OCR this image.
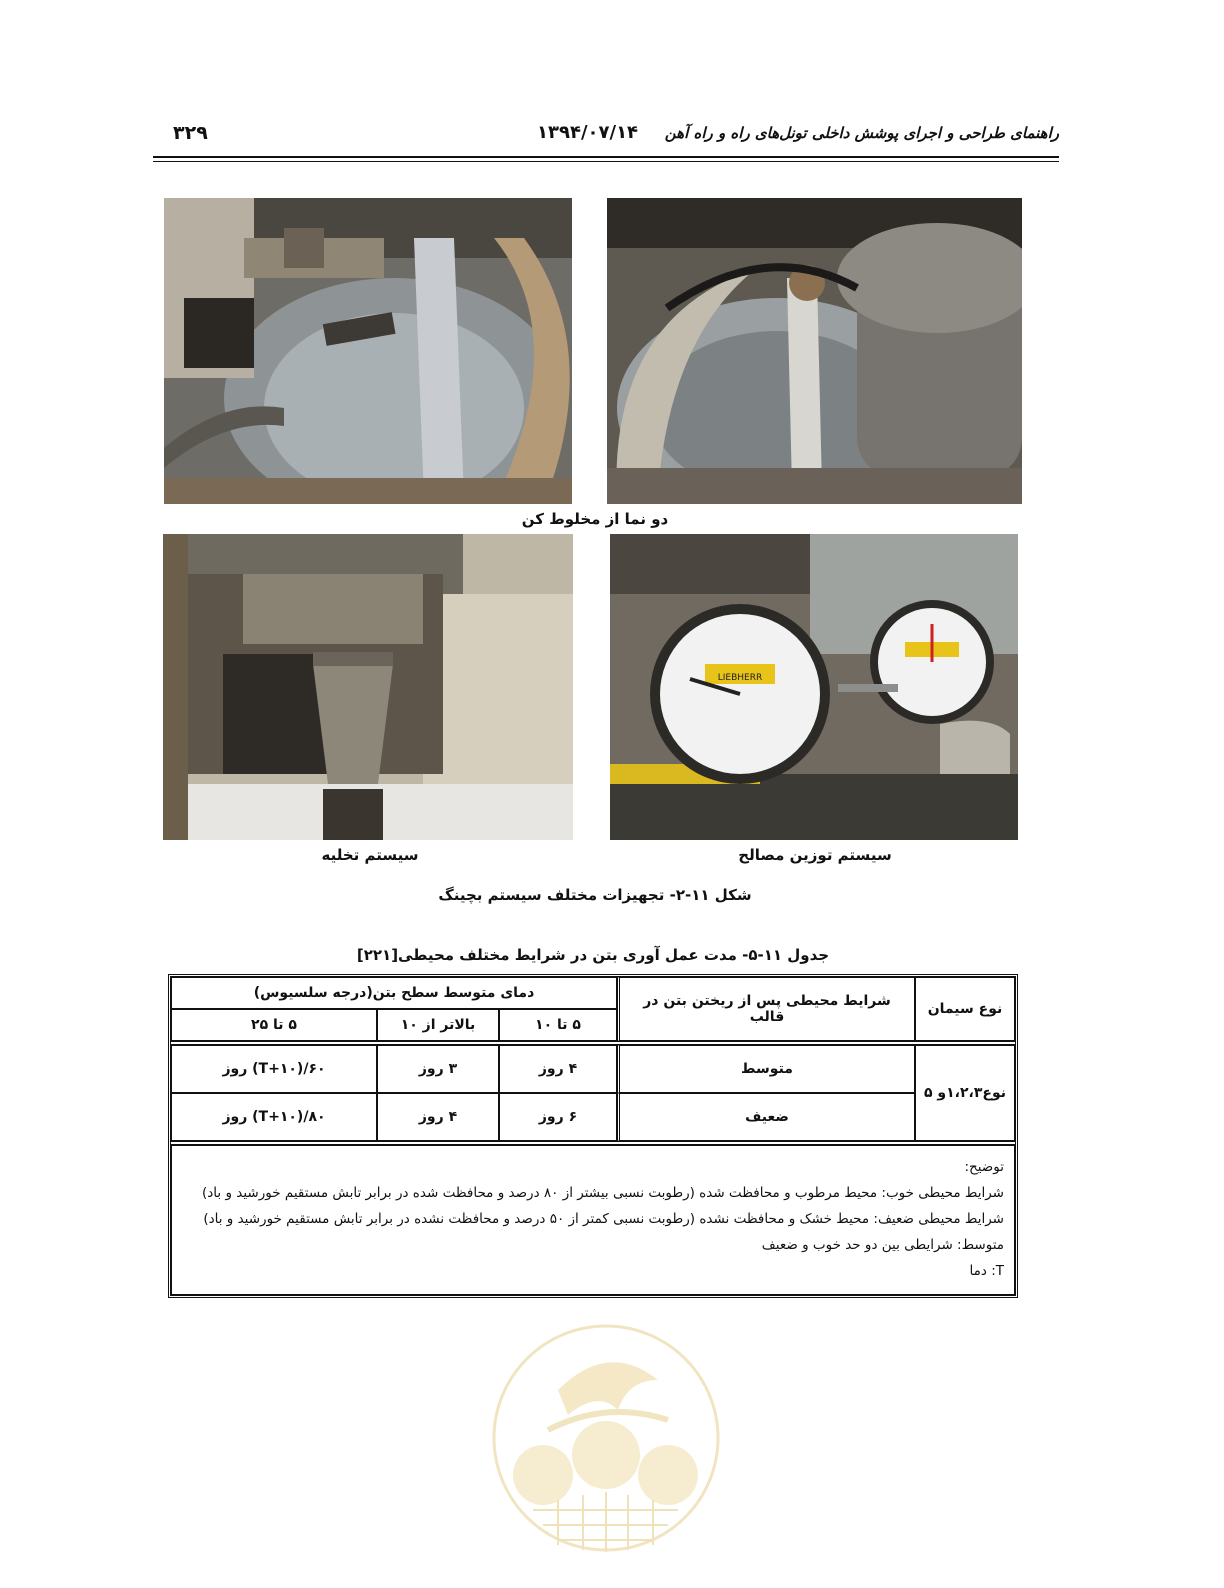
راهنمای طراحی و اجرای پوشش داخلی تونل‌های راه و راه آهن
۱۳۹۴/۰۷/۱۴
۳۲۹
دو نما از مخلوط کن
LIEBHERR
سیستم تخلیه	سیستم توزین مصالح
شکل ۱۱-۲- تجهیزات مختلف سیستم بچینگ
جدول ۱۱-۵- مدت عمل آوری بتن در شرایط مختلف محیطی[۲۲۱]
نوع سیمان	شرایط محیطی پس از ریختن بتن در قالب	دمای متوسط سطح بتن(درجه سلسیوس)		
		۵ تا ۱۰	بالاتر از ۱۰	۵ تا ۲۵

نوع۱،۲،۳و ۵	متوسط	۴ روز	۳ روز	۶۰/(T+۱۰) روز
	ضعیف	۶ روز	۴ روز	۸۰/(T+۱۰) روز

توضیح:
شرایط محیطی خوب: محیط مرطوب و محافظت شده (رطوبت نسبی بیشتر از ۸۰ درصد و محافظت شده در برابر تابش مستقیم خورشید و باد)
شرایط محیطی ضعیف: محیط خشک و محافظت نشده (رطوبت نسبی کمتر از ۵۰ درصد و محافظت نشده در برابر تابش مستقیم خورشید و باد)
متوسط: شرایطی بین دو حد خوب و ضعیف
T: دما				
